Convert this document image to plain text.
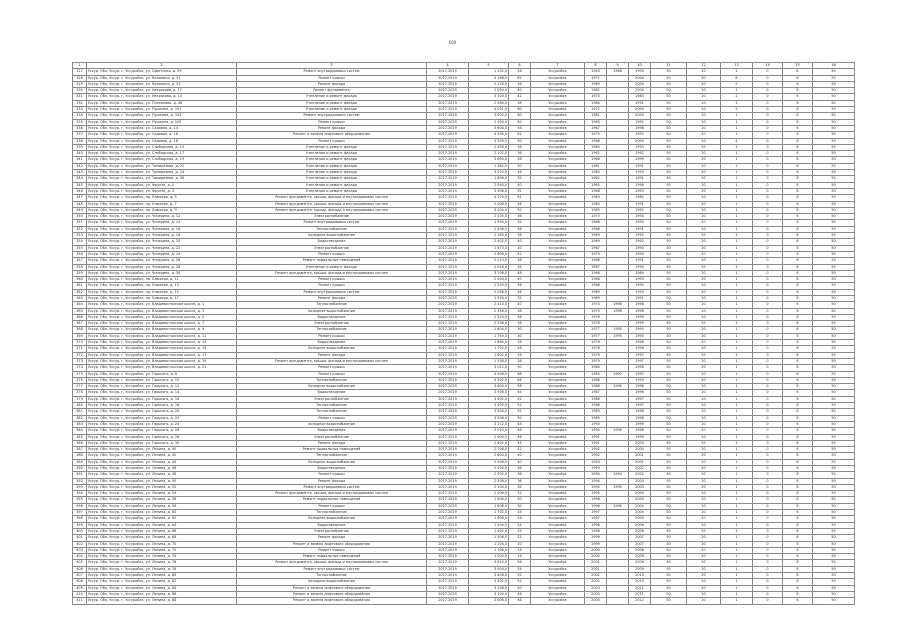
669
1	2	3	4	5	6	7	8	9	10	11	12	13	14	15	16
327	Уссур. Обл. Уссур. г. Уссурийск, ул. Советская, д. 29	Ремонт внутридомовых систем	2017-2019	1 102,0	18	Уссурийск	1963	1968	1990	50	20	1	0	6	50
328	Уссур. Обл. Уссур. г. Уссурийск, ул. Калинина, д. 51	Ремонт крыши	2017-2019	4 168,0	62	Уссурийск	1971		2004	50	50	8	0	6	50
329	Уссур. Обл. Уссур. г. Уссурийск, ул. Калинина, д. 53	Ремонт фасада	2017-2019	2 216,0	36	Уссурийск	1969		2004	50	20	5	0	6	50
330	Уссур. Обл. Уссур. г. Уссурийск, ул. Некрасова, д. 12	Ремонт фундамента	2017-2019	2 054,0	40	Уссурийск	1962		2004	50	20	1	0	6	50
331	Уссур. Обл. Уссур. г. Уссурийск, ул. Некрасова, д. 14	Утепление и ремонт фасада	2017-2019	3 100,0	42	Уссурийск	1970		1983	50	20	2	0	6	50
332	Уссур. Обл. Уссур. г. Уссурийск, ул. Плеханова, д. 48	Утепление и ремонт фасада	2017-2019	2 580,0	38	Уссурийск	1964		1991	50	20	1	0	6	50
333	Уссур. Обл. Уссур. г. Уссурийск, ул. Пушкина, д. 101	Утепление и ремонт фасада	2017-2019	4 021,0	60	Уссурийск	1972		2004	50	20	5	0	6	50
334	Уссур. Обл. Уссур. г. Уссурийск, ул. Пушкина, д. 103	Ремонт внутридомовых систем	2017-2019	3 902,0	60	Уссурийск	1961		2004	50	20	1	0	6	50
335	Уссур. Обл. Уссур. г. Уссурийск, ул. Пушкина, д. 105	Ремонт крыши	2017-2019	2 054,0	40	Уссурийск	1965		1992	50	20	1	0	6	50
336	Уссур. Обл. Уссур. г. Уссурийск, ул. Садовая, д. 14	Ремонт фасада	2017-2019	3 604,0	58	Уссурийск	1967		1998	50	20	1	0	6	50
337	Уссур. Обл. Уссур. г. Уссурийск, ул. Садовая, д. 16	Ремонт и замена лифтового оборудования	2017-2019	4 505,0	62	Уссурийск	1975		1992	50	20	1	0	6	50
338	Уссур. Обл. Уссур. г. Уссурийск, ул. Садовая, д. 18	Ремонт крыши	2017-2019	3 205,0	50	Уссурийск	1968		2004	50	20	4	0	6	50
339	Уссур. Обл. Уссур. г. Уссурийск, ул. Слободская, д. 15	Утепление и ремонт фасада	2017-2019	2 456,0	36	Уссурийск	1964		1993	50	20	1	0	6	50
340	Уссур. Обл. Уссур. г. Уссурийск, ул. Слободская, д. 17	Утепление и ремонт фасада	2017-2019	2 102,0	36	Уссурийск	1962		1992	50	20	1	0	6	50
341	Уссур. Обл. Уссур. г. Уссурийск, ул. Слободская, д. 19	Утепление и ремонт фасада	2017-2019	3 650,0	56	Уссурийск	1966		1999	50	20	1	0	6	50
342	Уссур. Обл. Уссур. г. Уссурийск, ул. Тимирязева, д. 22	Утепление и ремонт фасада	2017-2019	1 562,0	30	Уссурийск	1961		1991	50	20	2	0	6	50
343	Уссур. Обл. Уссур. г. Уссурийск, ул. Тимирязева, д. 24	Утепление и ремонт фасада	2017-2019	3 520,0	48	Уссурийск	1964		1993	50	20	1	0	6	50
344	Уссур. Обл. Уссур. г. Уссурийск, ул. Тимирязева, д. 26	Утепление и ремонт фасада	2017-2019	1 896,0	32	Уссурийск	1962		1991	50	20	1	0	6	50
345	Уссур. Обл. Уссур. г. Уссурийск, ул. Фрунзе, д. 1	Утепление и ремонт фасада	2017-2019	2 540,0	40	Уссурийск	1965		1998	50	20	1	0	6	50
346	Уссур. Обл. Уссур. г. Уссурийск, ул. Фрунзе, д. 3	Утепление и ремонт фасада	2017-2019	3 306,0	52	Уссурийск	1966		1993	50	20	1	0	6	50
347	Уссур. Обл. Уссур. г. Уссурийск, пр. Блюхера, д. 5	Ремонт фундамента, крыши, фасада и внутридомовых систем	2017-2019	4 120,0	61	Уссурийск	1963		1982	50	20	1	0	6	50
348	Уссур. Обл. Уссур. г. Уссурийск, пр. Блюхера, д. 7	Ремонт фундамента, крыши, фасада и внутридомовых систем	2017-2019	2 006,0	34	Уссурийск	1964		1991	50	20	1	0	6	50
349	Уссур. Обл. Уссур. г. Уссурийск, пр. Блюхера, д. 9	Ремонт фундамента, крыши, фасада и внутридомовых систем	2017-2019	3 204,0	50	Уссурийск	1965		1992	50	20	1	0	6	50
350	Уссур. Обл. Уссур. г. Уссурийск, ул. Чичерина, д. 12	Электроснабжение	2017-2019	2 105,0	36	Уссурийск	1970		1993	50	20	1	0	6	50
351	Уссур. Обл. Уссур. г. Уссурийск, ул. Чичерина, д. 14	Ремонт внутридомовых систем	2017-2019	1 950,0	32	Уссурийск	1968		1990	50	20	1	0	6	50
352	Уссур. Обл. Уссур. г. Уссурийск, ул. Чичерина, д. 16	Теплоснабжение	2017-2019	2 308,0	38	Уссурийск	1968		1991	50	20	1	0	6	50
353	Уссур. Обл. Уссур. г. Уссурийск, ул. Чичерина, д. 18	Холодное водоснабжение	2017-2019	2 160,0	36	Уссурийск	1969		1992	50	20	1	0	6	50
354	Уссур. Обл. Уссур. г. Уссурийск, ул. Чичерина, д. 20	Водоотведение	2017-2019	2 402,0	40	Уссурийск	1969		1992	50	20	1	0	6	50
355	Уссур. Обл. Уссур. г. Уссурийск, ул. Чичерина, д. 22	Электроснабжение	2017-2019	1 873,0	30	Уссурийск	1967		1990	50	20	1	0	6	50
356	Уссур. Обл. Уссур. г. Уссурийск, ул. Чичерина, д. 24	Ремонт крыши	2017-2019	2 606,0	42	Уссурийск	1970		1993	50	20	1	0	6	50
357	Уссур. Обл. Уссур. г. Уссурийск, ул. Чичерина, д. 26	Ремонт подвальных помещений	2017-2019	2 210,0	36	Уссурийск	1968		1991	50	20	1	0	6	50
358	Уссур. Обл. Уссур. г. Уссурийск, ул. Чичерина, д. 28	Утепление и ремонт фасада	2017-2019	2 018,0	34	Уссурийск	1967		1990	50	20	1	0	6	50
359	Уссур. Обл. Уссур. г. Уссурийск, ул. Чичерина, д. 30	Ремонт фундамента, крыши, фасада и внутридомовых систем	2017-2019	3 106,0	48	Уссурийск	1966		1989	50	20	1	0	6	50
360	Уссур. Обл. Уссур. г. Уссурийск, пр. Блюхера, д. 11	Ремонт крыши	2017-2019	2 504,0	40	Уссурийск	1968		1993	50	20	1	0	6	50
361	Уссур. Обл. Уссур. г. Уссурийск, пр. Блюхера, д. 13	Ремонт крыши	2017-2019	2 250,0	36	Уссурийск	1968		1992	50	20	1	0	6	50
362	Уссур. Обл. Уссур. г. Уссурийск, пр. Блюхера, д. 15	Ремонт внутридомовых систем	2017-2019	2 056,0	34	Уссурийск	1969		1993	50	20	1	0	6	50
363	Уссур. Обл. Уссур. г. Уссурийск, пр. Блюхера, д. 17	Ремонт фасада	2017-2019	1 926,0	32	Уссурийск	1969		1991	50	20	1	0	6	50
364	Уссур. Обл. Уссур. г. Уссурийск, ул. Владивостокское шоссе, д. 1	Теплоснабжение	2017-2019	2 410,0	40	Уссурийск	1974	1998	1998	50	20	1	0	6	50
365	Уссур. Обл. Уссур. г. Уссурийск, ул. Владивостокское шоссе, д. 3	Холодное водоснабжение	2017-2019	2 356,0	38	Уссурийск	1975	1998	1998	50	20	1	0	6	50
366	Уссур. Обл. Уссур. г. Уссурийск, ул. Владивостокское шоссе, д. 5	Водоотведение	2017-2019	2 310,0	38	Уссурийск	1976		1999	50	20	1	0	6	50
367	Уссур. Обл. Уссур. г. Уссурийск, ул. Владивостокское шоссе, д. 7	Электроснабжение	2017-2019	2 206,0	36	Уссурийск	1976		1999	50	20	1	0	6	50
368	Уссур. Обл. Уссур. г. Уссурийск, ул. Владивостокское шоссе, д. 9	Теплоснабжение	2017-2019	1 804,0	30	Уссурийск	1977	1995	1995	50	20	1	0	6	50
369	Уссур. Обл. Уссур. г. Уссурийск, ул. Владивостокское шоссе, д. 11	Ремонт крыши	2017-2019	1 750,0	30	Уссурийск	1977	1995	1995	50	20	1	0	6	50
370	Уссур. Обл. Уссур. г. Уссурийск, ул. Владивостокское шоссе, д. 13	Водоотведение	2017-2019	1 684,0	28	Уссурийск	1978		1996	50	20	1	0	6	50
371	Уссур. Обл. Уссур. г. Уссурийск, ул. Владивостокское шоссе, д. 15	Холодное водоснабжение	2017-2019	1 702,0	28	Уссурийск	1978		1996	50	20	1	0	6	50
372	Уссур. Обл. Уссур. г. Уссурийск, ул. Владивостокское шоссе, д. 17	Ремонт фасада	2017-2019	1 602,0	26	Уссурийск	1979		1997	50	20	1	0	6	50
373	Уссур. Обл. Уссур. г. Уссурийск, ул. Владивостокское шоссе, д. 19	Ремонт фундамента, крыши, фасада и внутридомовых систем	2017-2019	1 556,0	26	Уссурийск	1979		1997	50	20	1	0	6	50
374	Уссур. Обл. Уссур. г. Уссурийск, ул. Владивостокское шоссе, д. 21	Ремонт крыши	2017-2019	3 012,0	50	Уссурийск	1980		1998	50	20	1	0	6	50
375	Уссур. Обл. Уссур. г. Уссурийск, ул. Горького, д. 8	Ремонт крыши	2017-2019	4 506,0	68	Уссурийск	1985	1992	1992	50	20	1	0	6	50
376	Уссур. Обл. Уссур. г. Уссурийск, ул. Горького, д. 10	Теплоснабжение	2017-2019	4 302,0	64	Уссурийск	1986		1993	50	20	1	0	6	50
377	Уссур. Обл. Уссур. г. Уссурийск, ул. Горького, д. 12	Холодное водоснабжение	2017-2019	3 804,0	58	Уссурийск	1986	1996	1996	50	20	1	0	6	50
378	Уссур. Обл. Уссур. г. Уссурийск, ул. Горького, д. 14	Водоотведение	2017-2019	3 506,0	54	Уссурийск	1987		1996	50	20	1	0	6	50
379	Уссур. Обл. Уссур. г. Уссурийск, ул. Горького, д. 16	Электроснабжение	2017-2019	3 402,0	52	Уссурийск	1988		1997	50	20	1	0	6	50
380	Уссур. Обл. Уссур. г. Уссурийск, ул. Горького, д. 18	Теплоснабжение	2017-2019	3 405,0	52	Уссурийск	1988		1997	50	20	1	0	6	50
381	Уссур. Обл. Уссур. г. Уссурийск, ул. Горького, д. 20	Теплоснабжение	2017-2019	3 304,0	52	Уссурийск	1989		1998	50	20	1	0	6	50
382	Уссур. Обл. Уссур. г. Уссурийск, ул. Горького, д. 22	Ремонт крыши	2017-2019	3 206,0	50	Уссурийск	1989		1998	50	20	1	0	6	50
383	Уссур. Обл. Уссур. г. Уссурийск, ул. Горького, д. 24	Холодное водоснабжение	2017-2019	3 112,0	48	Уссурийск	1990		1999	50	20	1	0	6	50
384	Уссур. Обл. Уссур. г. Уссурийск, ул. Горького, д. 26	Водоотведение	2017-2019	3 010,0	48	Уссурийск	1990	1996	1996	50	20	1	0	6	50
385	Уссур. Обл. Уссур. г. Уссурийск, ул. Горького, д. 28	Электроснабжение	2017-2019	2 904,0	46	Уссурийск	1991		1999	50	20	1	0	6	50
386	Уссур. Обл. Уссур. г. Уссурийск, ул. Горького, д. 30	Ремонт фасада	2017-2019	2 802,0	44	Уссурийск	1991		2000	50	20	1	0	6	50
387	Уссур. Обл. Уссур. г. Уссурийск, ул. Ленина, д. 40	Ремонт подвальных помещений	2017-2019	2 706,0	42	Уссурийск	1992		2000	50	20	1	0	6	50
388	Уссур. Обл. Уссур. г. Уссурийск, ул. Ленина, д. 42	Теплоснабжение	2017-2019	2 604,0	40	Уссурийск	1992		2001	50	20	1	0	6	50
389	Уссур. Обл. Уссур. г. Уссурийск, ул. Ленина, д. 44	Холодное водоснабжение	2017-2019	2 506,0	40	Уссурийск	1993		2001	50	20	1	0	6	50
390	Уссур. Обл. Уссур. г. Уссурийск, ул. Ленина, д. 46	Водоотведение	2017-2019	2 404,0	38	Уссурийск	1993		2002	50	20	1	0	6	50
391	Уссур. Обл. Уссур. г. Уссурийск, ул. Ленина, д. 48	Ремонт крыши	2017-2019	2 302,0	36	Уссурийск	1994	1994	2002	50	20	1	0	6	50
392	Уссур. Обл. Уссур. г. Уссурийск, ул. Ленина, д. 50	Ремонт фасада	2017-2019	2 206,0	36	Уссурийск	1994		2003	50	20	1	0	6	50
393	Уссур. Обл. Уссур. г. Уссурийск, ул. Ленина, д. 52	Ремонт внутридомовых систем	2017-2019	2 104,0	34	Уссурийск	1995	1995	2003	50	20	1	0	6	50
394	Уссур. Обл. Уссур. г. Уссурийск, ул. Ленина, д. 54	Ремонт фундамента, крыши, фасада и внутридомовых систем	2017-2019	2 006,0	32	Уссурийск	1995		2004	50	20	1	0	6	50
395	Уссур. Обл. Уссур. г. Уссурийск, ул. Ленина, д. 56	Ремонт подвальных помещений	2017-2019	1 904,0	30	Уссурийск	1996		2004	50	20	1	0	6	50
396	Уссур. Обл. Уссур. г. Уссурийск, ул. Ленина, д. 58	Ремонт крыши	2017-2019	1 806,0	30	Уссурийск	1996	1996	2004	50	20	1	0	6	50
397	Уссур. Обл. Уссур. г. Уссурийск, ул. Ленина, д. 60	Теплоснабжение	2017-2019	1 702,0	28	Уссурийск	1997		2005	50	20	1	0	6	50
398	Уссур. Обл. Уссур. г. Уссурийск, ул. Ленина, д. 62	Холодное водоснабжение	2017-2019	1 606,0	26	Уссурийск	1997		2005	50	20	1	0	6	50
399	Уссур. Обл. Уссур. г. Уссурийск, ул. Ленина, д. 64	Водоотведение	2017-2019	1 504,0	24	Уссурийск	1998		2006	50	20	1	0	6	50
400	Уссур. Обл. Уссур. г. Уссурийск, ул. Ленина, д. 66	Электроснабжение	2017-2019	1 402,0	22	Уссурийск	1998		2006	50	20	1	0	6	50
401	Уссур. Обл. Уссур. г. Уссурийск, ул. Ленина, д. 68	Ремонт фасада	2017-2019	1 306,0	22	Уссурийск	1999		2007	50	20	1	0	6	50
402	Уссур. Обл. Уссур. г. Уссурийск, ул. Ленина, д. 70	Ремонт и замена лифтового оборудования	2017-2019	1 204,0	20	Уссурийск	1999		2007	50	20	1	0	6	50
403	Уссур. Обл. Уссур. г. Уссурийск, ул. Ленина, д. 72	Ремонт крыши	2017-2019	1 106,0	18	Уссурийск	2000		2008	50	20	1	0	6	50
404	Уссур. Обл. Уссур. г. Уссурийск, ул. Ленина, д. 74	Ремонт подвальных помещений	2017-2019	1 004,0	16	Уссурийск	2000		2008	50	20	1	0	6	50
405	Уссур. Обл. Уссур. г. Уссурийск, ул. Ленина, д. 76	Ремонт фундамента, крыши, фасада и внутридомовых систем	2017-2019	3 610,0	56	Уссурийск	2001		2009	50	20	1	0	6	50
406	Уссур. Обл. Уссур. г. Уссурийск, ул. Ленина, д. 78	Ремонт внутридомовых систем	2017-2019	3 504,0	54	Уссурийск	2001		2009	50	20	1	0	6	50
407	Уссур. Обл. Уссур. г. Уссурийск, ул. Ленина, д. 80	Теплоснабжение	2017-2019	3 406,0	52	Уссурийск	2002		2010	50	20	1	0	6	50
408	Уссур. Обл. Уссур. г. Уссурийск, ул. Ленина, д. 82	Холодное водоснабжение	2017-2019	3 302,0	52	Уссурийск	2002		2010	50	20	1	0	6	50
409	Уссур. Обл. Уссур. г. Уссурийск, ул. Ленина, д. 84	Ремонт и замена лифтового оборудования	2017-2019	3 206,0	50	Уссурийск	2003		2011	50	20	1	0	6	50
410	Уссур. Обл. Уссур. г. Уссурийск, ул. Ленина, д. 86	Ремонт и замена лифтового оборудования	2017-2019	3 104,0	48	Уссурийск	2003		2011	50	20	1	0	6	50
411	Уссур. Обл. Уссур. г. Уссурийск, ул. Ленина, д. 88	Ремонт и замена лифтового оборудования	2017-2019	3 006,0	48	Уссурийск	2004		2012	50	20	1	0	6	50
